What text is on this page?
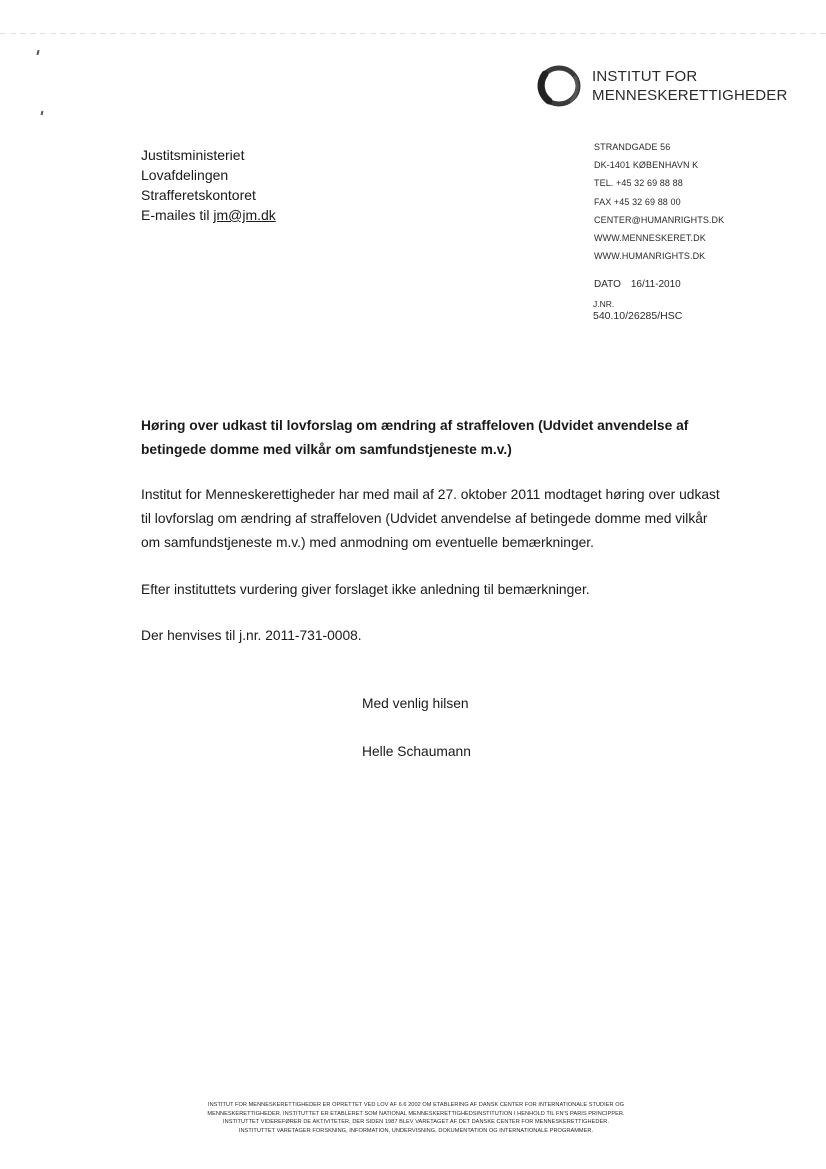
INSTITUT FOR
MENNESKERETTIGHEDER
Justitsministeriet
Lovafdelingen
Strafferetskontoret
E-mailes til jm@jm.dk
STRANDGADE 56
DK-1401 KØBENHAVN K
TEL. +45 32 69 88 88
FAX +45 32 69 88 00
CENTER@HUMANRIGHTS.DK
WWW.MENNESKERET.DK
WWW.HUMANRIGHTS.DK
DATO 16/11-2010
J.NR.
540.10/26285/HSC
Høring over udkast til lovforslag om ændring af straffeloven (Udvidet anvendelse af betingede domme med vilkår om samfundstjeneste m.v.)
Institut for Menneskerettigheder har med mail af 27. oktober 2011 modtaget høring over udkast til lovforslag om ændring af straffeloven (Udvidet anvendelse af betingede domme med vilkår om samfundstjeneste m.v.) med anmodning om eventuelle bemærkninger.
Efter instituttets vurdering giver forslaget ikke anledning til bemærkninger.
Der henvises til j.nr. 2011-731-0008.
Med venlig hilsen
Helle Schaumann
INSTITUT FOR MENNESKERETTIGHEDER ER OPRETTET VED LOV AF 6.6 2002 OM ETABLERING AF DANSK CENTER FOR INTERNATIONALE STUDIER OG
MENNESKERETTIGHEDER. INSTITUTTET ER ETABLERET SOM NATIONAL MENNESKERETTIGHEDSINSTITUTION I HENHOLD TIL FN'S PARIS PRINCIPPER.
INSTITUTTET VIDEREFØRER DE AKTIVITETER, DER SIDEN 1987 BLEV VARETAGET AF DET DANSKE CENTER FOR MENNESKERETTIGHEDER.
INSTITUTTET VARETAGER FORSKNING, INFORMATION, UNDERVISNING, DOKUMENTATION OG INTERNATIONALE PROGRAMMER.
